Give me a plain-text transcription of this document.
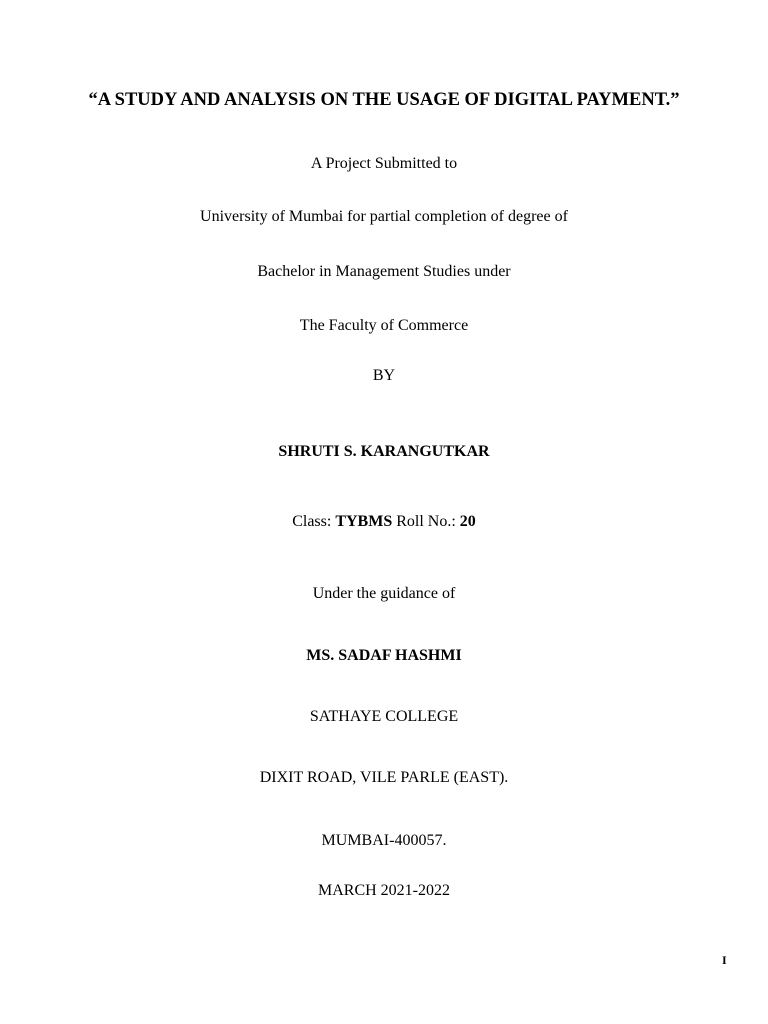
“A STUDY AND ANALYSIS ON THE USAGE OF DIGITAL PAYMENT.”
A Project Submitted to
University of Mumbai for partial completion of degree of
Bachelor in Management Studies under
The Faculty of Commerce
BY
SHRUTI S. KARANGUTKAR
Class: TYBMS Roll No.: 20
Under the guidance of
MS. SADAF HASHMI
SATHAYE COLLEGE
DIXIT ROAD, VILE PARLE (EAST).
MUMBAI-400057.
MARCH 2021-2022
I
